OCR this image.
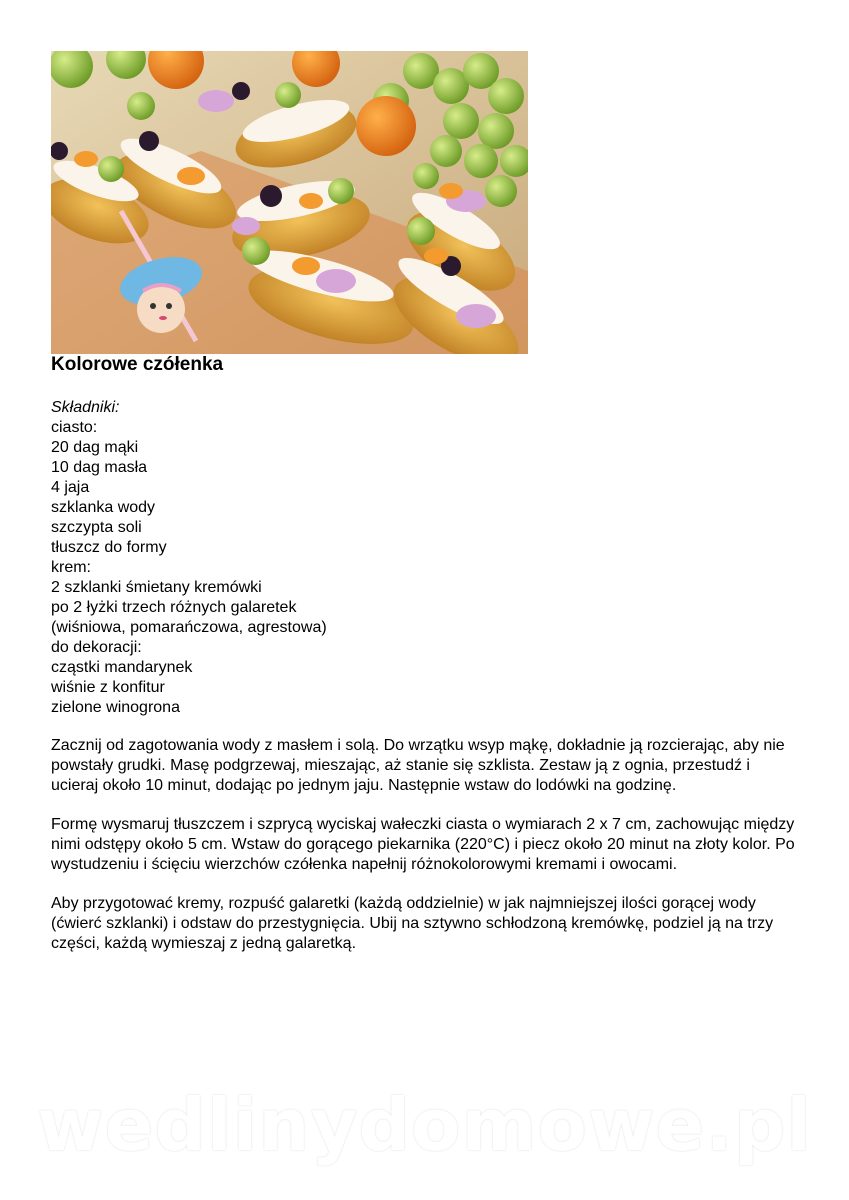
Kolorowe czółenka
Składniki:
ciasto:
20 dag mąki
10 dag masła
4 jaja
szklanka wody
szczypta soli
tłuszcz do formy
krem:
2 szklanki śmietany kremówki
po 2 łyżki trzech różnych galaretek
(wiśniowa, pomarańczowa, agrestowa)
do dekoracji:
cząstki mandarynek
wiśnie z konfitur
zielone winogrona

Zacznij od zagotowania wody z masłem i solą. Do wrzątku wsyp mąkę, dokładnie ją rozcierając, aby nie powstały grudki. Masę podgrzewaj, mieszając, aż stanie się szklista. Zestaw ją z ognia, przestudź i ucieraj około 10 minut, dodając po jednym jaju. Następnie wstaw do lodówki na godzinę.

Formę wysmaruj tłuszczem i szprycą wyciskaj wałeczki ciasta o wymiarach 2 x 7 cm, zachowując między nimi odstępy około 5 cm. Wstaw do gorącego piekarnika (220°C) i piecz około 20 minut na złoty kolor. Po wystudzeniu i ścięciu wierzchów czółenka napełnij różnokolorowymi kremami i owocami.

Aby przygotować kremy, rozpuść galaretki (każdą oddzielnie) w jak najmniejszej ilości gorącej wody (ćwierć szklanki) i odstaw do przestygnięcia. Ubij na sztywno schłodzoną kremówkę, podziel ją na trzy części, każdą wymieszaj z jedną galaretką.

wedlinydomowe.pl
